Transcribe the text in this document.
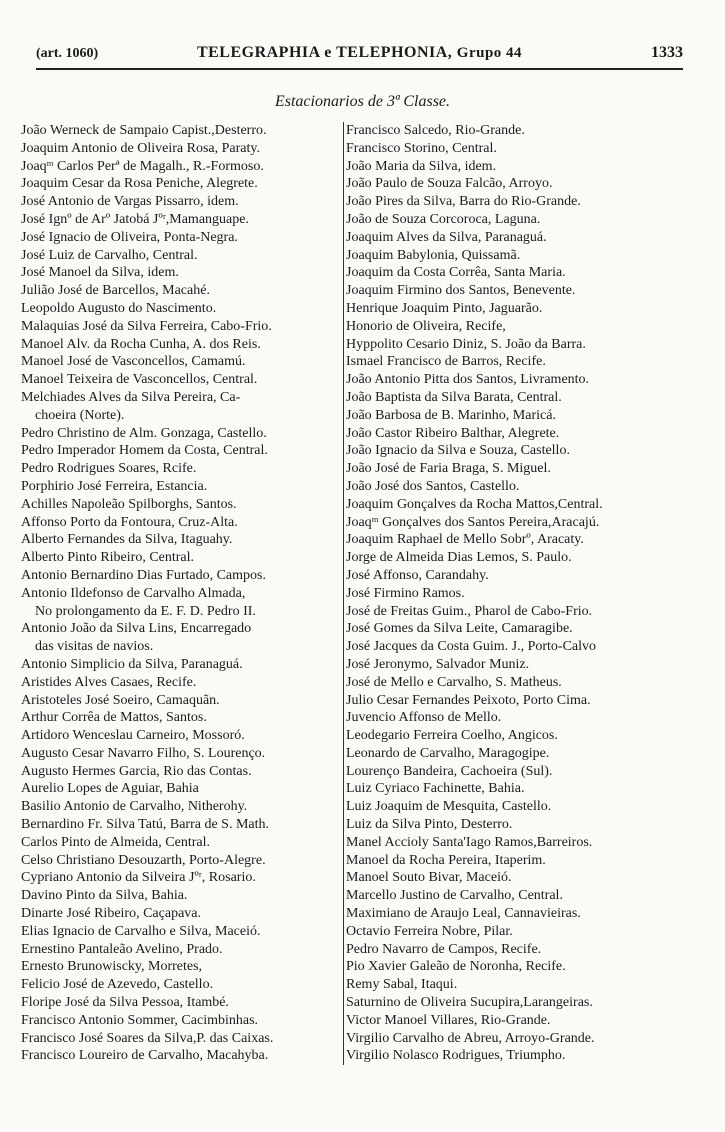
(art. 1060)	TELEGRAPHIA e TELEPHONIA, Grupo 44	1333
Estacionarios de 3ª Classe.
João Werneck de Sampaio Capist.,Desterro.
Joaquim Antonio de Oliveira Rosa, Paraty.
Joaqᵐ Carlos Perª de Magalh., R.-Formoso.
Joaquim Cesar da Rosa Peniche, Alegrete.
José Antonio de Vargas Pissarro, idem.
José Ignº de Arº Jatobá Jºʳ,Mamanguape.
José Ignacio de Oliveira, Ponta-Negra.
José Luiz de Carvalho, Central.
José Manoel da Silva, idem.
Julião José de Barcellos, Macahé.
Leopoldo Augusto do Nascimento.
Malaquias José da Silva Ferreira, Cabo-Frio.
Manoel Alv. da Rocha Cunha, A. dos Reis.
Manoel José de Vasconcellos, Camamú.
Manoel Teixeira de Vasconcellos, Central.
Melchiades Alves da Silva Pereira, Ca-
choeira (Norte).
Pedro Christino de Alm. Gonzaga, Castello.
Pedro Imperador Homem da Costa, Central.
Pedro Rodrigues Soares, Rcife.
Porphirio José Ferreira, Estancia.
Achilles Napoleão Spilborghs, Santos.
Affonso Porto da Fontoura, Cruz-Alta.
Alberto Fernandes da Silva, Itaguahy.
Alberto Pinto Ribeiro, Central.
Antonio Bernardino Dias Furtado, Campos.
Antonio Ildefonso de Carvalho Almada,
No prolongamento da E. F. D. Pedro II.
Antonio João da Silva Lins, Encarregado
das visitas de navios.
Antonio Simplicio da Silva, Paranaguá.
Aristides Alves Casaes, Recife.
Aristoteles José Soeiro, Camaquãn.
Arthur Corrêa de Mattos, Santos.
Artidoro Wenceslau Carneiro, Mossoró.
Augusto Cesar Navarro Filho, S. Lourenço.
Augusto Hermes Garcia, Rio das Contas.
Aurelio Lopes de Aguiar, Bahia
Basilio Antonio de Carvalho, Nitherohy.
Bernardino Fr. Silva Tatú, Barra de S. Math.
Carlos Pinto de Almeida, Central.
Celso Christiano Desouzarth, Porto-Alegre.
Cypriano Antonio da Silveira Jºʳ, Rosario.
Davino Pinto da Silva, Bahia.
Dinarte José Ribeiro, Caçapava.
Elias Ignacio de Carvalho e Silva, Maceió.
Ernestino Pantaleão Avelino, Prado.
Ernesto Brunowiscky, Morretes,
Felicio José de Azevedo, Castello.
Floripe José da Silva Pessoa, Itambé.
Francisco Antonio Sommer, Cacimbinhas.
Francisco José Soares da Silva,P. das Caixas.
Francisco Loureiro de Carvalho, Macahyba.
Francisco Salcedo, Rio-Grande.
Francisco Storino, Central.
João Maria da Silva, idem.
João Paulo de Souza Falcão, Arroyo.
João Pires da Silva, Barra do Rio-Grande.
João de Souza Corcoroca, Laguna.
Joaquim Alves da Silva, Paranaguá.
Joaquim Babylonia, Quissamã.
Joaquim da Costa Corrêa, Santa Maria.
Joaquim Firmino dos Santos, Benevente.
Henrique Joaquim Pinto, Jaguarão.
Honorio de Oliveira, Recife,
Hyppolito Cesario Diniz, S. João da Barra.
Ismael Francisco de Barros, Recife.
João Antonio Pitta dos Santos, Livramento.
João Baptista da Silva Barata, Central.
João Barbosa de B. Marinho, Maricá.
João Castor Ribeiro Balthar, Alegrete.
João Ignacio da Silva e Souza, Castello.
João José de Faria Braga, S. Miguel.
João José dos Santos, Castello.
Joaquim Gonçalves da Rocha Mattos,Central.
Joaqᵐ Gonçalves dos Santos Pereira,Aracajú.
Joaquim Raphael de Mello Sobrº, Aracaty.
Jorge de Almeida Dias Lemos, S. Paulo.
José Affonso, Carandahy.
José Firmino Ramos.
José de Freitas Guim., Pharol de Cabo-Frio.
José Gomes da Silva Leite, Camaragibe.
José Jacques da Costa Guim. J., Porto-Calvo
José Jeronymo, Salvador Muniz.
José de Mello e Carvalho, S. Matheus.
Julio Cesar Fernandes Peixoto, Porto Cima.
Juvencio Affonso de Mello.
Leodegario Ferreira Coelho, Angicos.
Leonardo de Carvalho, Maragogipe.
Lourenço Bandeira, Cachoeira (Sul).
Luiz Cyriaco Fachinette, Bahia.
Luiz Joaquim de Mesquita, Castello.
Luiz da Silva Pinto, Desterro.
Manel Accioly Santa'Iago Ramos,Barreiros.
Manoel da Rocha Pereira, Itaperim.
Manoel Souto Bivar, Maceió.
Marcello Justino de Carvalho, Central.
Maximiano de Araujo Leal, Cannavieiras.
Octavio Ferreira Nobre, Pilar.
Pedro Navarro de Campos, Recife.
Pio Xavier Galeão de Noronha, Recife.
Remy Sabal, Itaqui.
Saturnino de Oliveira Sucupira,Larangeiras.
Victor Manoel Villares, Rio-Grande.
Virgilio Carvalho de Abreu, Arroyo-Grande.
Virgilio Nolasco Rodrigues, Triumpho.
